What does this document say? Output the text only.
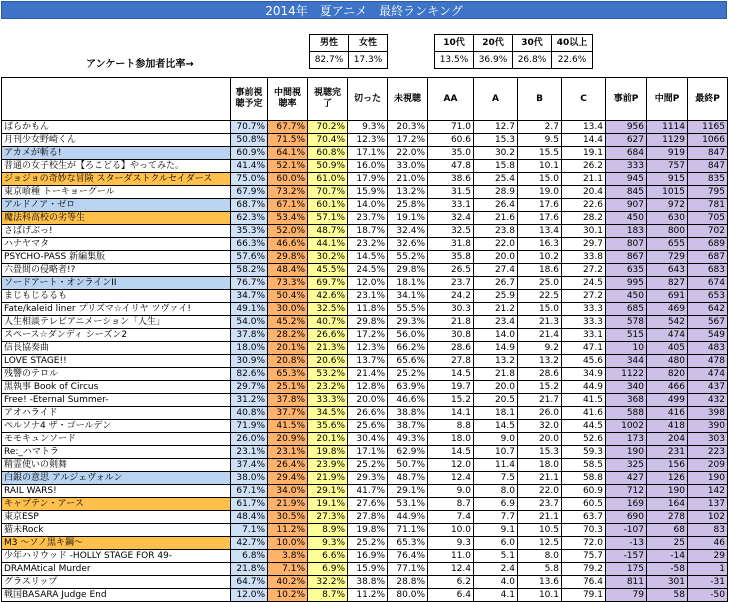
2014年　夏アニメ　最終ランキング
アンケート参加者比率→
男性	女性
82.7%	17.3%
10代	20代	30代	40以上
13.5%	36.9%	26.8%	22.6%
	事前視聴予定	中間視聴率	視聴完了	切った	未視聴	AA	A	B	C	事前P	中間P	最終P
ばらかもん	70.7%	67.7%	70.2%	9.3%	20.3%	71.0	12.7	2.7	13.4	956	1114	1165
月刊少女野崎くん	50.8%	71.5%	70.4%	12.3%	17.2%	60.6	15.3	9.5	14.4	627	1129	1066
アカメが斬る!	60.9%	64.1%	60.8%	17.1%	22.0%	35.0	30.2	15.5	19.1	684	919	847
普通の女子校生が【ろこどる】やってみた。	41.4%	52.1%	50.9%	16.0%	33.0%	47.8	15.8	10.1	26.2	333	757	847
ジョジョの奇妙な冒険 スターダストクルセイダース	75.0%	60.0%	61.0%	17.9%	21.0%	38.6	25.4	15.0	21.1	945	915	835
東京喰種 トーキョーグール	67.9%	73.2%	70.7%	15.9%	13.2%	31.5	28.9	19.0	20.4	845	1015	795
アルドノア・ゼロ	68.7%	67.1%	60.1%	14.0%	25.8%	33.1	26.4	17.6	22.6	907	972	781
魔法科高校の劣等生	62.3%	53.4%	57.1%	23.7%	19.1%	32.4	21.6	17.6	28.2	450	630	705
さばげぶっ!	35.3%	52.0%	48.7%	18.7%	32.4%	32.5	23.8	13.4	30.1	183	800	702
ハナヤマタ	66.3%	46.6%	44.1%	23.2%	32.6%	31.8	22.0	16.3	29.7	807	655	689
PSYCHO-PASS 新編集版	57.6%	29.8%	30.2%	14.5%	55.2%	35.8	20.0	10.2	33.8	867	729	687
六畳間の侵略者!?	58.2%	48.4%	45.5%	24.5%	29.8%	26.5	27.4	18.6	27.2	635	643	683
ソードアート・オンラインII	76.7%	73.3%	69.7%	12.0%	18.1%	23.7	26.7	25.0	24.5	995	827	674
まじもじるるも	34.7%	50.4%	42.6%	23.1%	34.1%	24.2	25.9	22.5	27.2	450	691	653
Fate/kaleid liner プリズマ☆イリヤ ツヴァイ!	49.1%	30.0%	32.5%	11.8%	55.5%	30.3	21.2	15.0	33.3	685	469	642
人生相談テレビアニメーション「人生」	54.0%	45.2%	40.7%	29.8%	29.3%	21.8	23.4	21.3	33.3	578	542	567
スペース☆ダンディ シーズン2	37.8%	28.2%	26.6%	17.2%	56.0%	30.8	14.0	21.4	33.1	515	474	549
信長協奏曲	18.0%	20.1%	21.3%	12.3%	66.2%	28.6	14.9	9.2	47.1	10	405	483
LOVE STAGE!!	30.9%	20.8%	20.6%	13.7%	65.6%	27.8	13.2	13.2	45.6	344	480	478
残響のテロル	82.6%	65.3%	53.2%	21.4%	25.2%	14.5	21.8	28.6	34.9	1122	820	474
黒執事 Book of Circus	29.7%	25.1%	23.2%	12.8%	63.9%	19.7	20.0	15.2	44.9	340	466	437
Free! -Eternal Summer-	31.2%	37.8%	33.3%	20.0%	46.6%	15.2	20.5	21.7	41.5	368	499	432
アオハライド	40.8%	37.7%	34.5%	26.6%	38.8%	14.1	18.1	26.0	41.6	588	416	398
ペルソナ4 ザ・ゴールデン	71.9%	41.5%	35.6%	25.6%	38.7%	8.8	14.5	32.0	44.5	1002	418	390
モモキュンソード	26.0%	20.9%	20.1%	30.4%	49.3%	18.0	9.0	20.0	52.6	173	204	303
Re:_ハマトラ	23.1%	23.1%	19.8%	17.1%	62.9%	14.5	10.7	15.3	59.3	190	231	223
精霊使いの剣舞	37.4%	26.4%	23.9%	25.2%	50.7%	12.0	11.4	18.0	58.5	325	156	209
白銀の意思 アルジェヴォルン	38.0%	29.4%	21.9%	29.3%	48.7%	12.4	7.5	21.1	58.8	427	126	190
RAIL WARS!	67.1%	34.0%	29.1%	41.7%	29.1%	9.0	8.0	22.0	60.9	712	190	142
キャプテン・アース	61.7%	21.9%	19.1%	27.6%	53.1%	8.7	6.9	23.7	60.5	169	164	137
東京ESP	48.4%	30.5%	27.3%	27.8%	44.9%	7.4	7.7	21.1	63.7	690	278	102
猫未Rock	7.1%	11.2%	8.9%	19.8%	71.1%	10.0	9.1	10.5	70.3	-107	68	83
M3 ～ソノ黒キ鋼～	42.7%	10.0%	9.3%	25.2%	65.3%	9.3	6.0	12.5	72.0	-13	25	46
少年ハリウッド -HOLLY STAGE FOR 49-	6.8%	3.8%	6.6%	16.9%	76.4%	11.0	5.1	8.0	75.7	-157	-14	29
DRAMAtical Murder	21.8%	7.1%	6.9%	15.9%	77.1%	12.4	2.4	5.8	79.2	175	-58	1
グラスリップ	64.7%	40.2%	32.2%	38.8%	28.8%	6.2	4.0	13.6	76.4	811	301	-31
戦国BASARA Judge End	12.0%	10.2%	8.7%	11.2%	80.0%	6.4	4.1	10.1	79.1	79	58	-50
